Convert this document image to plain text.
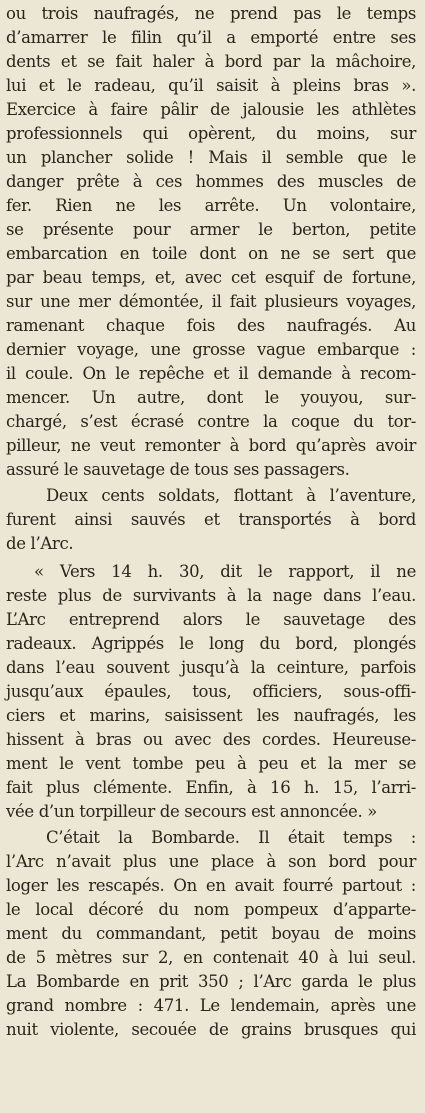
ou trois naufragés, ne prend pas le temps
d’amarrer le filin qu’il a emporté entre ses
dents et se fait haler à bord par la mâchoire,
lui et le radeau, qu’il saisit à pleins bras ».
Exercice à faire pâlir de jalousie les athlètes
professionnels qui opèrent, du moins, sur
un plancher solide ! Mais il semble que le
danger prête à ces hommes des muscles de
fer. Rien ne les arrête. Un volontaire,
se présente pour armer le berton, petite
embarcation en toile dont on ne se sert que
par beau temps, et, avec cet esquif de fortune,
sur une mer démontée, il fait plusieurs voyages,
ramenant chaque fois des naufragés. Au
dernier voyage, une grosse vague embarque :
il coule. On le repêche et il demande à recom-
mencer. Un autre, dont le youyou, sur-
chargé, s’est écrasé contre la coque du tor-
pilleur, ne veut remonter à bord qu’après avoir
assuré le sauvetage de tous ses passagers.
Deux cents soldats, flottant à l’aventure,
furent ainsi sauvés et transportés à bord
de l’Arc.
« Vers 14 h. 30, dit le rapport, il ne
reste plus de survivants à la nage dans l’eau.
L’Arc entreprend alors le sauvetage des
radeaux. Agrippés le long du bord, plongés
dans l’eau souvent jusqu’à la ceinture, parfois
jusqu’aux épaules, tous, officiers, sous-offi-
ciers et marins, saisissent les naufragés, les
hissent à bras ou avec des cordes. Heureuse-
ment le vent tombe peu à peu et la mer se
fait plus clémente. Enfin, à 16 h. 15, l’arri-
vée d’un torpilleur de secours est annoncée. »
C’était la Bombarde. Il était temps :
l’Arc n’avait plus une place à son bord pour
loger les rescapés. On en avait fourré partout :
le local décoré du nom pompeux d’apparte-
ment du commandant, petit boyau de moins
de 5 mètres sur 2, en contenait 40 à lui seul.
La Bombarde en prit 350 ; l’Arc garda le plus
grand nombre : 471. Le lendemain, après une
nuit violente, secouée de grains brusques qui
